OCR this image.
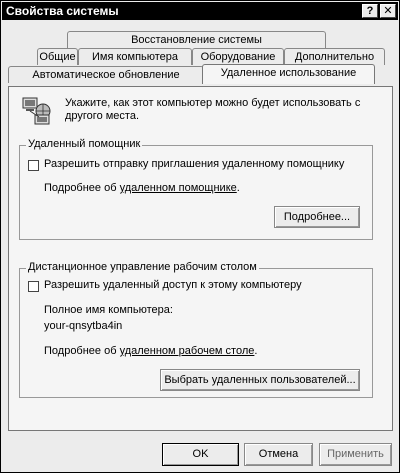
Свойства системы	? ✕
Восстановление системы
Общие	Имя компьютера	Оборудование	Дополнительно
Автоматическое обновление	Удаленное использование
Укажите, как этот компьютер можно будет использовать с другого места.
Удаленный помощник
Разрешить отправку приглашения удаленному помощнику
Подробнее об удаленном помощнике.
Подробнее...
Дистанционное управление рабочим столом
Разрешить удаленный доступ к этому компьютеру
Полное имя компьютера:
your-qnsytba4in
Подробнее об удаленном рабочем столе.
Выбрать удаленных пользователей...
OK	Отмена	Применить
